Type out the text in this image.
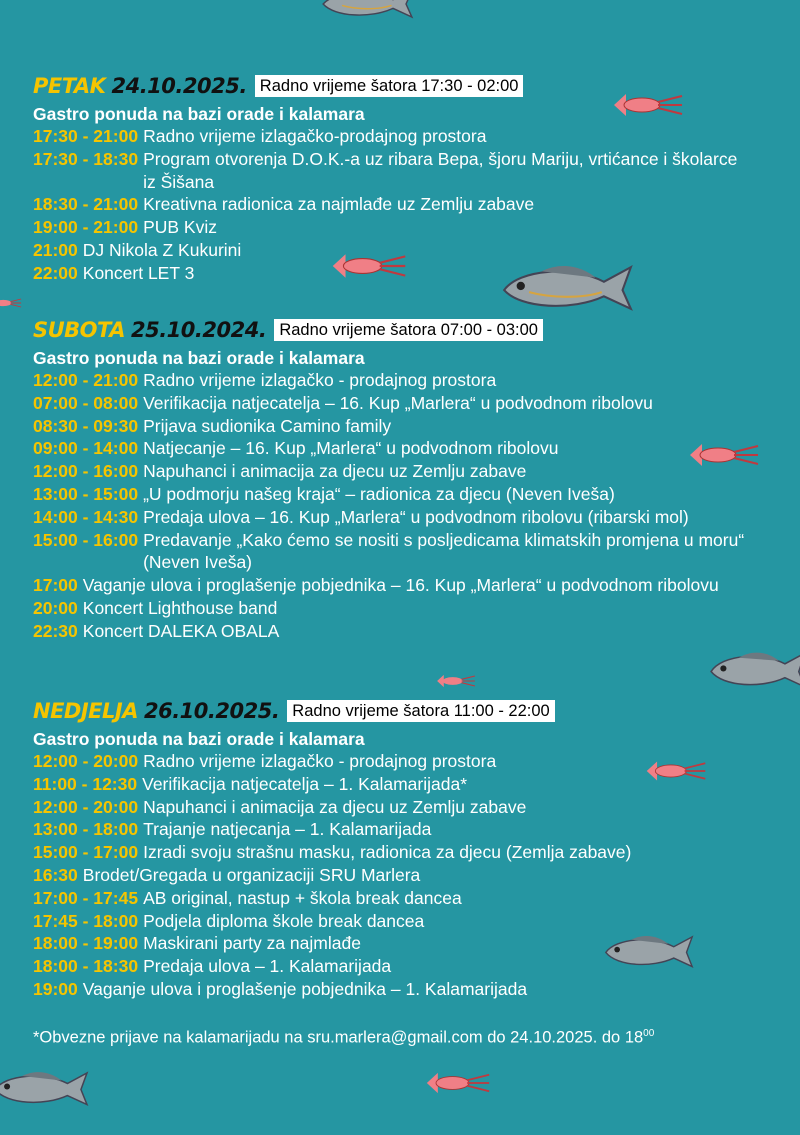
PETAK 24.10.2025. Radno vrijeme šatora 17:30 - 02:00
Gastro ponuda na bazi orade i kalamara
17:30 - 21:00 Radno vrijeme izlagačko-prodajnog prostora
17:30 - 18:30 Program otvorenja D.O.K.-a uz ribara Bepa, šjoru Mariju, vrtićance i školarce iz Šišana
18:30 - 21:00 Kreativna radionica za najmlađe uz Zemlju zabave
19:00 - 21:00 PUB Kviz
21:00 DJ Nikola Z Kukurini
22:00 Koncert LET 3
SUBOTA 25.10.2024. Radno vrijeme šatora 07:00 - 03:00
Gastro ponuda na bazi orade i kalamara
12:00 - 21:00 Radno vrijeme izlagačko - prodajnog prostora
07:00 - 08:00 Verifikacija natjecatelja – 16. Kup „Marlera“ u podvodnom ribolovu
08:30 - 09:30 Prijava sudionika Camino family
09:00 - 14:00 Natjecanje – 16. Kup „Marlera“ u podvodnom ribolovu
12:00 - 16:00 Napuhanci i animacija za djecu uz Zemlju zabave
13:00 - 15:00 „U podmorju našeg kraja“ – radionica za djecu (Neven Iveša)
14:00 - 14:30 Predaja ulova – 16. Kup „Marlera“ u podvodnom ribolovu (ribarski mol)
15:00 - 16:00 Predavanje „Kako ćemo se nositi s posljedicama klimatskih promjena u moru“ (Neven Iveša)
17:00 Vaganje ulova i proglašenje pobjednika – 16. Kup „Marlera“ u podvodnom ribolovu
20:00 Koncert Lighthouse band
22:30 Koncert DALEKA OBALA
NEDJELJA 26.10.2025. Radno vrijeme šatora 11:00 - 22:00
Gastro ponuda na bazi orade i kalamara
12:00 - 20:00 Radno vrijeme izlagačko - prodajnog prostora
11:00 - 12:30 Verifikacija natjecatelja – 1. Kalamarijada*
12:00 - 20:00 Napuhanci i animacija za djecu uz Zemlju zabave
13:00 - 18:00 Trajanje natjecanja – 1. Kalamarijada
15:00 - 17:00 Izradi svoju strašnu masku, radionica za djecu (Zemlja zabave)
16:30 Brodet/Gregada u organizaciji SRU Marlera
17:00 - 17:45 AB original, nastup + škola break dancea
17:45 - 18:00 Podjela diploma škole break dancea
18:00 - 19:00 Maskirani party za najmlađe
18:00 - 18:30 Predaja ulova – 1. Kalamarijada
19:00 Vaganje ulova i proglašenje pobjednika – 1. Kalamarijada
*Obvezne prijave na kalamarijadu na sru.marlera@gmail.com do 24.10.2025. do $18^{00}$
